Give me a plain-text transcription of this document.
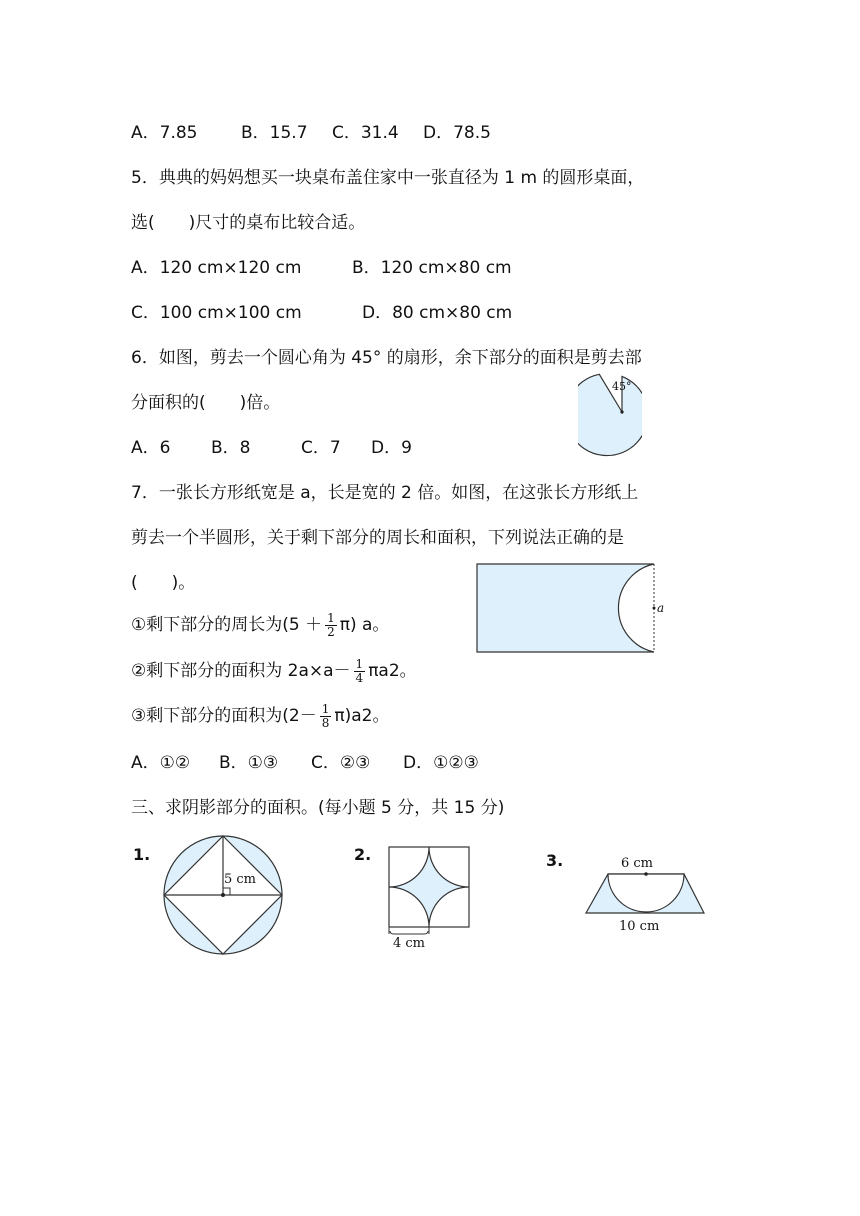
A．7.85	B．15.7 C．31.4 D．78.5
5．典典的妈妈想买一块桌布盖住家中一张直径为 1 m 的圆形桌面，
选(　　)尺寸的桌布比较合适。
A．120 cm×120 cm	B．120 cm×80 cm
C．100 cm×100 cm	D．80 cm×80 cm
6．如图，剪去一个圆心角为 45° 的扇形，余下部分的面积是剪去部
分面积的(　　)倍。
A．6 B．8	C．7 D．9
45°
7．一张长方形纸宽是 a，长是宽的 2 倍。如图，在这张长方形纸上
剪去一个半圆形，关于剩下部分的周长和面积，下列说法正确的是
(　　)。
a
①剩下部分的周长为$(5 + \frac{1}{2} \pi)$ a。
②剩下部分的面积为 $2a\times a- \frac{1}{4} \pi a2$。
③剩下部分的面积为$(2- \frac{1}{8} \pi)a2$。
A．①② B．①③ C．②③ D．①②③
三、求阴影部分的面积。(每小题 5 分，共 15 分)
1.
5 cm
2.
4 cm
3.	6 cm
10 cm
